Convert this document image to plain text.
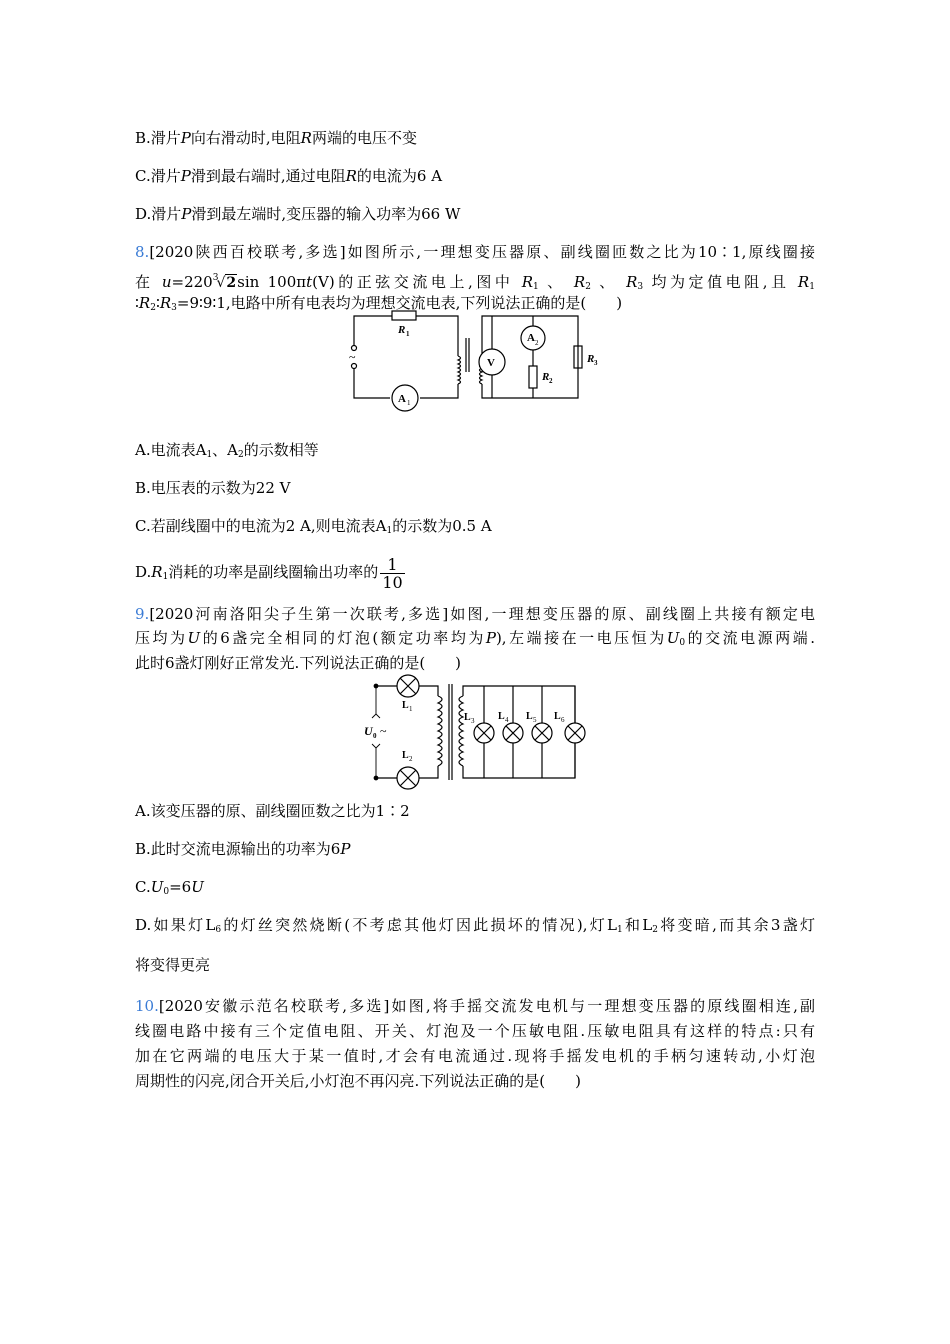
B.滑片P向右滑动时,电阻R两端的电压不变
C.滑片P滑到最右端时,通过电阻R的电流为6 A
D.滑片P滑到最左端时,变压器的输入功率为66 W
8.[2020陕西百校联考,多选]如图所示,一理想变压器原、副线圈匝数之比为10∶1,原线圈接
在 $u=220^3√2\sin$ 100πt(V)的正弦交流电上,图中 $R_1$ 、 $R_2$ 、 $R_3$ 均为定值电阻,且 $R_1$
$∶R_2∶R_3=9∶9∶1$,电路中所有电表均为理想交流电表,下列说法正确的是(　　)
R 1
~
A 1
V
A 2
R 2
R 3
A.电流表$A_1$、$A_2$的示数相等
B.电压表的示数为22 V
C.若副线圈中的电流为2 A,则电流表$A_1$的示数为0.5 A
$D.R_1$消耗的功率是副线圈输出功率的 $\frac{1}{10}$
9.[2020河南洛阳尖子生第一次联考,多选]如图,一理想变压器的原、副线圈上共接有额定电
压均为U的6盏完全相同的灯泡(额定功率均为P),左端接在一电压恒为$U_0$的交流电源两端.
此时6盏灯刚好正常发光.下列说法正确的是(　　)
U 0 ~
L 1
L 2
L 3 L 4 L 5 L 6
A.该变压器的原、副线圈匝数之比为1∶2
B.此时交流电源输出的功率为6P
$C.U_0=6U$
D.如果灯$L_6$的灯丝突然烧断(不考虑其他灯因此损坏的情况),灯$L_1$和$L_2$将变暗,而其余3盏灯
将变得更亮
10.[2020安徽示范名校联考,多选]如图,将手摇交流发电机与一理想变压器的原线圈相连,副
线圈电路中接有三个定值电阻、开关、灯泡及一个压敏电阻.压敏电阻具有这样的特点:只有
加在它两端的电压大于某一值时,才会有电流通过.现将手摇发电机的手柄匀速转动,小灯泡
周期性的闪亮,闭合开关后,小灯泡不再闪亮.下列说法正确的是(　　)
